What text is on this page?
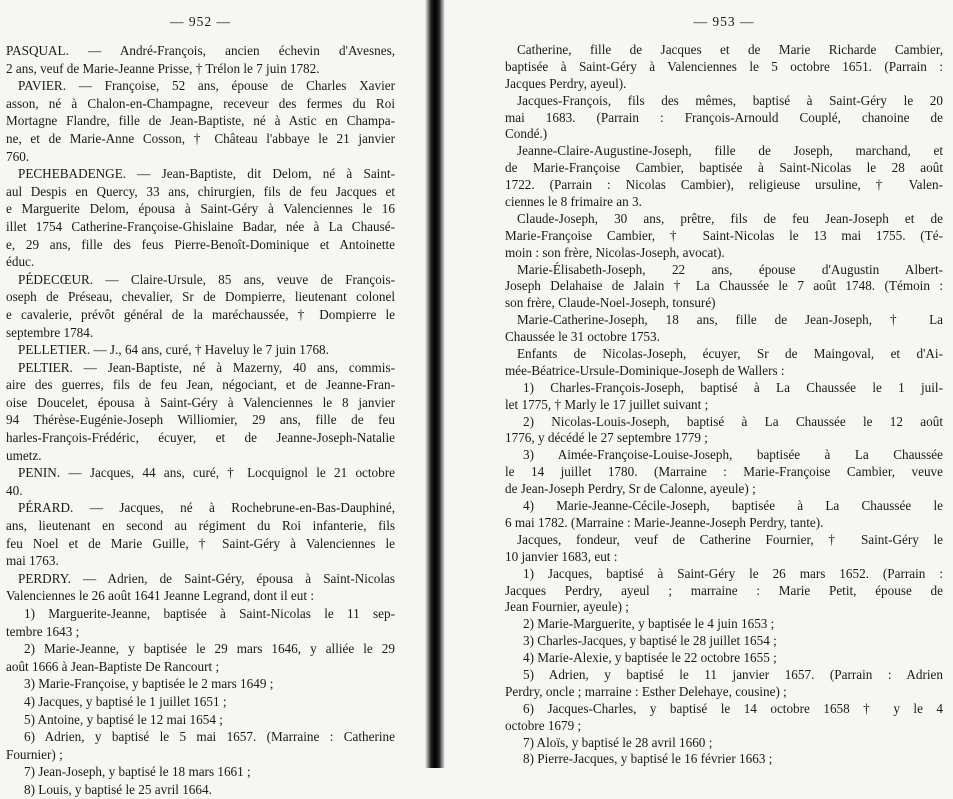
— 952 —
PASQUAL. — André-François, ancien échevin d'Avesnes,
2 ans, veuf de Marie-Jeanne Prisse, † Trélon le 7 juin 1782.
PAVIER. — Françoise, 52 ans, épouse de Charles Xavier
asson, né à Chalon-en-Champagne, receveur des fermes du Roi
Mortagne Flandre, fille de Jean-Baptiste, né à Astic en Champa-
ne, et de Marie-Anne Cosson, † Château l'abbaye le 21 janvier
760.
PECHEBADENGE. — Jean-Baptiste, dit Delom, né à Saint-
aul Despis en Quercy, 33 ans, chirurgien, fils de feu Jacques et
e Marguerite Delom, épousa à Saint-Géry à Valenciennes le 16
illet 1754 Catherine-Françoise-Ghislaine Badar, née à La Chausé-
e, 29 ans, fille des feus Pierre-Benoît-Dominique et Antoinette
éduc.
PÉDECŒUR. — Claire-Ursule, 85 ans, veuve de François-
oseph de Préseau, chevalier, Sr de Dompierre, lieutenant colonel
e cavalerie, prévôt général de la maréchaussée, † Dompierre le
septembre 1784.
PELLETIER. — J., 64 ans, curé, † Haveluy le 7 juin 1768.
PELTIER. — Jean-Baptiste, né à Mazerny, 40 ans, commis-
aire des guerres, fils de feu Jean, négociant, et de Jeanne-Fran-
oise Doucelet, épousa à Saint-Géry à Valenciennes le 8 janvier
94 Thérèse-Eugénie-Joseph Williomier, 29 ans, fille de feu
harles-François-Frédéric, écuyer, et de Jeanne-Joseph-Natalie
umetz.
PENIN. — Jacques, 44 ans, curé, † Locquignol le 21 octobre
40.
PÉRARD. — Jacques, né à Rochebrune-en-Bas-Dauphiné,
ans, lieutenant en second au régiment du Roi infanterie, fils
feu Noel et de Marie Guille, † Saint-Géry à Valenciennes le
mai 1763.
PERDRY. — Adrien, de Saint-Géry, épousa à Saint-Nicolas
Valenciennes le 26 août 1641 Jeanne Legrand, dont il eut :
1) Marguerite-Jeanne, baptisée à Saint-Nicolas le 11 sep-
tembre 1643 ;
2) Marie-Jeanne, y baptisée le 29 mars 1646, y alliée le 29
août 1666 à Jean-Baptiste De Rancourt ;
3) Marie-Françoise, y baptisée le 2 mars 1649 ;
4) Jacques, y baptisé le 1 juillet 1651 ;
5) Antoine, y baptisé le 12 mai 1654 ;
6) Adrien, y baptisé le 5 mai 1657. (Marraine : Catherine
Fournier) ;
7) Jean-Joseph, y baptisé le 18 mars 1661 ;
8) Louis, y baptisé le 25 avril 1664.
— 953 —
Catherine, fille de Jacques et de Marie Richarde Cambier,
baptisée à Saint-Géry à Valenciennes le 5 octobre 1651. (Parrain :
Jacques Perdry, ayeul).
Jacques-François, fils des mêmes, baptisé à Saint-Géry le 20
mai 1683. (Parrain : François-Arnould Couplé, chanoine de
Condé.)
Jeanne-Claire-Augustine-Joseph, fille de Joseph, marchand, et
de Marie-Françoise Cambier, baptisée à Saint-Nicolas le 28 août
1722. (Parrain : Nicolas Cambier), religieuse ursuline, † Valen-
ciennes le 8 frimaire an 3.
Claude-Joseph, 30 ans, prêtre, fils de feu Jean-Joseph et de
Marie-Françoise Cambier, † Saint-Nicolas le 13 mai 1755. (Té-
moin : son frère, Nicolas-Joseph, avocat).
Marie-Élisabeth-Joseph, 22 ans, épouse d'Augustin Albert-
Joseph Delahaise de Jalain † La Chaussée le 7 août 1748. (Témoin :
son frère, Claude-Noel-Joseph, tonsuré)
Marie-Catherine-Joseph, 18 ans, fille de Jean-Joseph, † La
Chaussée le 31 octobre 1753.
Enfants de Nicolas-Joseph, écuyer, Sr de Maingoval, et d'Ai-
mée-Béatrice-Ursule-Dominique-Joseph de Wallers :
1) Charles-François-Joseph, baptisé à La Chaussée le 1 juil-
let 1775, † Marly le 17 juillet suivant ;
2) Nicolas-Louis-Joseph, baptisé à La Chaussée le 12 août
1776, y décédé le 27 septembre 1779 ;
3) Aimée-Françoise-Louise-Joseph, baptisée à La Chaussée
le 14 juillet 1780. (Marraine : Marie-Françoise Cambier, veuve
de Jean-Joseph Perdry, Sr de Calonne, ayeule) ;
4) Marie-Jeanne-Cécile-Joseph, baptisée à La Chaussée le
6 mai 1782. (Marraine : Marie-Jeanne-Joseph Perdry, tante).
Jacques, fondeur, veuf de Catherine Fournier, † Saint-Géry le
10 janvier 1683, eut :
1) Jacques, baptisé à Saint-Géry le 26 mars 1652. (Parrain :
Jacques Perdry, ayeul ; marraine : Marie Petit, épouse de
Jean Fournier, ayeule) ;
2) Marie-Marguerite, y baptisée le 4 juin 1653 ;
3) Charles-Jacques, y baptisé le 28 juillet 1654 ;
4) Marie-Alexie, y baptisée le 22 octobre 1655 ;
5) Adrien, y baptisé le 11 janvier 1657. (Parrain : Adrien
Perdry, oncle ; marraine : Esther Delehaye, cousine) ;
6) Jacques-Charles, y baptisé le 14 octobre 1658 † y le 4
octobre 1679 ;
7) Aloïs, y baptisé le 28 avril 1660 ;
8) Pierre-Jacques, y baptisé le 16 février 1663 ;
